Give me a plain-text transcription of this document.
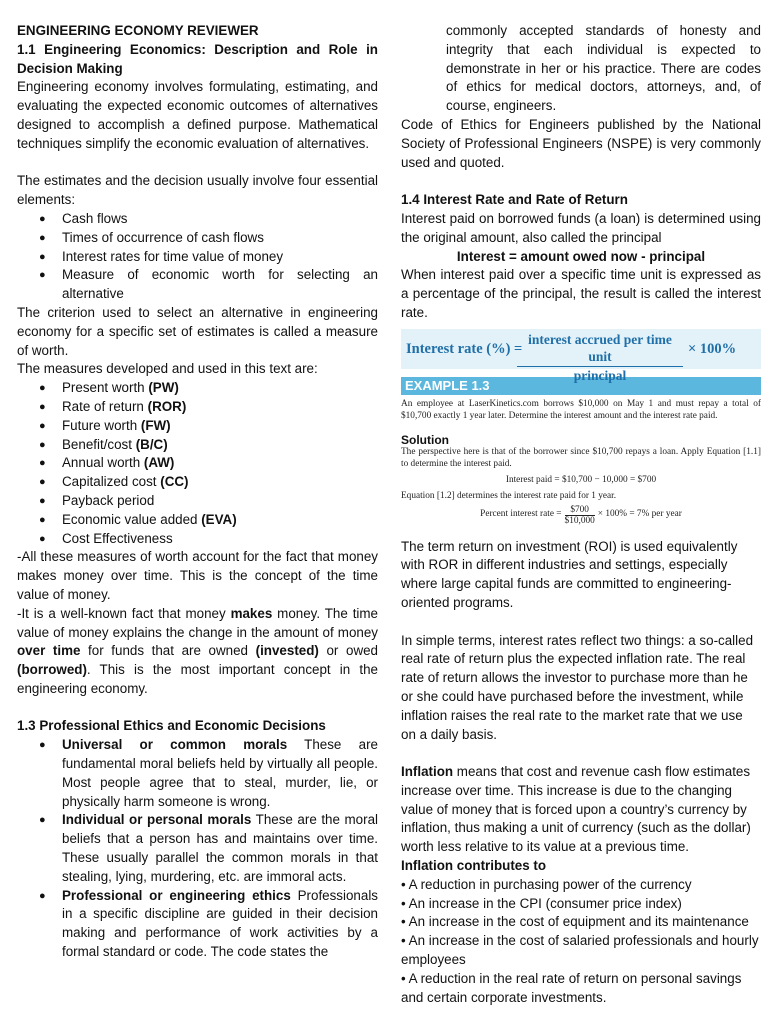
ENGINEERING ECONOMY REVIEWER

1.1 Engineering Economics: Description and Role in Decision Making

Engineering economy involves formulating, estimating, and evaluating the expected economic outcomes of alternatives designed to accomplish a defined purpose. Mathematical techniques simplify the economic evaluation of alternatives.

The estimates and the decision usually involve four essential elements:

● Cash flows
● Times of occurrence of cash flows
● Interest rates for time value of money
● Measure of economic worth for selecting an alternative

The criterion used to select an alternative in engineering economy for a specific set of estimates is called a measure of worth.

The measures developed and used in this text are:

● Present worth (PW)
● Rate of return (ROR)
● Future worth (FW)
● Benefit/cost (B/C)
● Annual worth (AW)
● Capitalized cost (CC)
● Payback period
● Economic value added (EVA)
● Cost Effectiveness

-All these measures of worth account for the fact that money makes money over time. This is the concept of the time value of money.

-It is a well-known fact that money makes money. The time value of money explains the change in the amount of money over time for funds that are owned (invested) or owed (borrowed). This is the most important concept in the engineering economy.

1.3 Professional Ethics and Economic Decisions

● Universal or common morals These are fundamental moral beliefs held by virtually all people. Most people agree that to steal, murder, lie, or physically harm someone is wrong.
● Individual or personal morals These are the moral beliefs that a person has and maintains over time. These usually parallel the common morals in that stealing, lying, murdering, etc. are immoral acts.
● Professional or engineering ethics Professionals in a specific discipline are guided in their decision making and performance of work activities by a formal standard or code. The code states the

commonly accepted standards of honesty and integrity that each individual is expected to demonstrate in her or his practice. There are codes of ethics for medical doctors, attorneys, and, of course, engineers.

Code of Ethics for Engineers published by the National Society of Professional Engineers (NSPE) is very commonly used and quoted.

1.4 Interest Rate and Rate of Return

Interest paid on borrowed funds (a loan) is determined using the original amount, also called the principal

Interest = amount owed now - principal

When interest paid over a specific time unit is expressed as a percentage of the principal, the result is called the interest rate.

Interest rate (%) =
interest accrued per time unit
principal
× 100%
EXAMPLE 1.3
An employee at LaserKinetics.com borrows $10,000 on May 1 and must repay a total of $10,700 exactly 1 year later. Determine the interest amount and the interest rate paid.
Solution
The perspective here is that of the borrower since $10,700 repays a loan. Apply Equation [1.1] to determine the interest paid.
Interest paid = $10,700 − 10,000 = $700
Equation [1.2] determines the interest rate paid for 1 year.
Percent interest rate = $\frac{\$700}{\$10,000} \times 100\% = 7\%$ per year

The term return on investment (ROI) is used equivalently with ROR in different industries and settings, especially where large capital funds are committed to engineering-oriented programs.

In simple terms, interest rates reflect two things: a so-called real rate of return plus the expected inflation rate. The real rate of return allows the investor to purchase more than he or she could have purchased before the investment, while inflation raises the real rate to the market rate that we use on a daily basis.

Inflation means that cost and revenue cash flow estimates increase over time. This increase is due to the changing value of money that is forced upon a country’s currency by inflation, thus making a unit of currency (such as the dollar) worth less relative to its value at a previous time.

Inflation contributes to

• A reduction in purchasing power of the currency

• An increase in the CPI (consumer price index)

• An increase in the cost of equipment and its maintenance

• An increase in the cost of salaried professionals and hourly employees

• A reduction in the real rate of return on personal savings and certain corporate investments.
